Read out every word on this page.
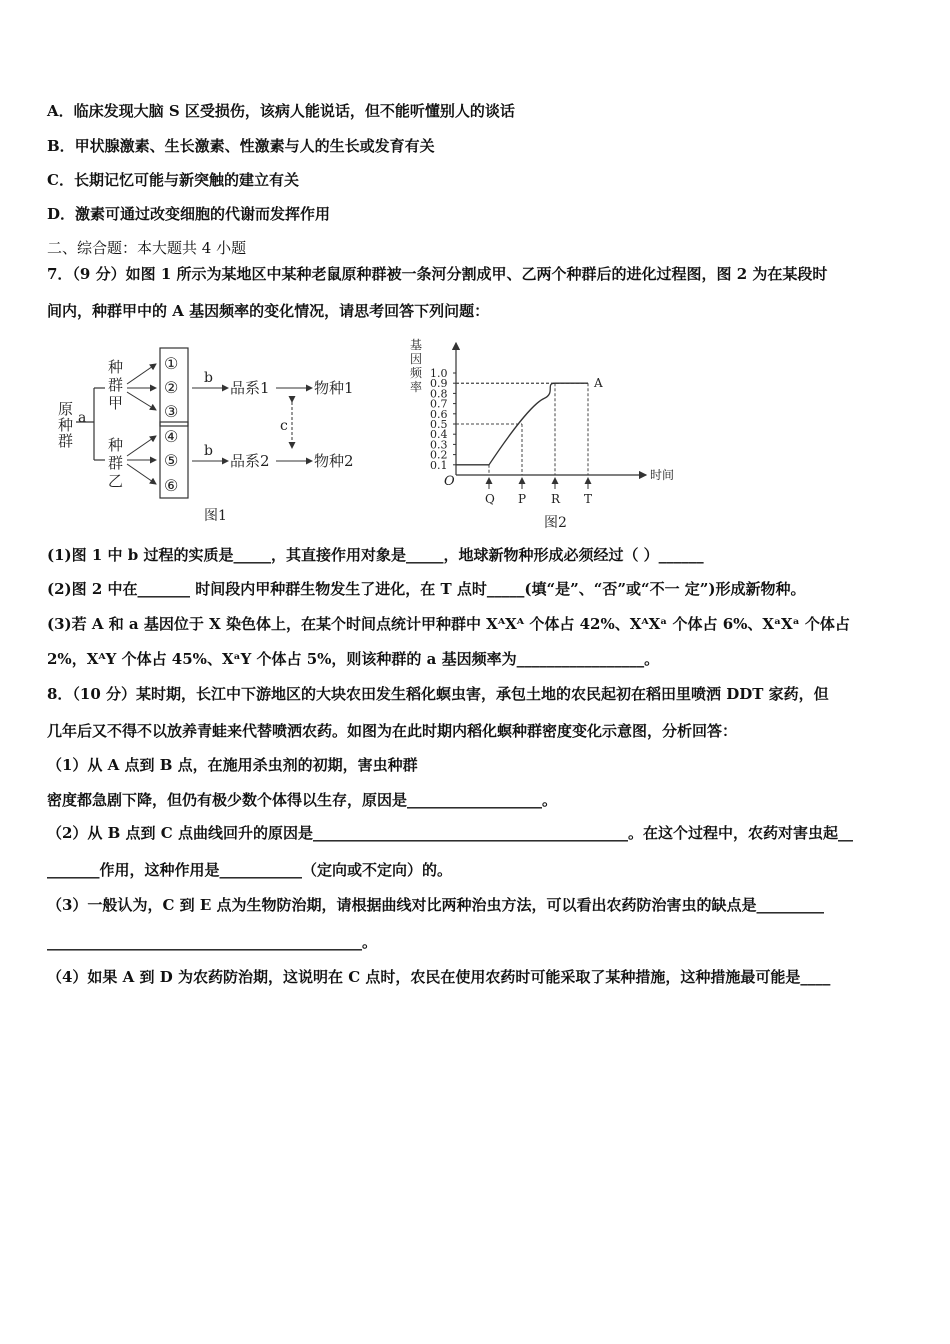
A．临床发现大脑 S 区受损伤，该病人能说话，但不能听懂别人的谈话
B．甲状腺激素、生长激素、性激素与人的生长或发育有关
C．长期记忆可能与新突触的建立有关
D．激素可通过改变细胞的代谢而发挥作用
二、综合题：本大题共 4 小题
7．（9 分）如图 1 所示为某地区中某种老鼠原种群被一条河分割成甲、乙两个种群后的进化过程图，图 2 为在某段时
间内，种群甲中的 A 基因频率的变化情况，请思考回答下列问题：
原
种
群
a
种
群
甲
种
群
乙
①
②
③
④
⑤
⑥
b
品系1	物种1
b
品系2	物种2
c
图1
基
因
频
率
时间
O
0.1
0.2
0.3
0.4
0.5
0.6
0.7
0.8
0.9
1.0
Q P R T
A
图2
(1)图 1 中 b 过程的实质是_____，其直接作用对象是_____，地球新物种形成必须经过（ ）______
(2)图 2 中在_______ 时间段内甲种群生物发生了进化，在 T 点时_____(填“是”、“否”或“不一 定”)形成新物种。
(3)若 A 和 a 基因位于 X 染色体上，在某个时间点统计甲种群中 XᴬXᴬ 个体占 42%、XᴬXᵃ 个体占 6%、XᵃXᵃ 个体占
2%，XᴬY 个体占 45%、XᵃY 个体占 5%，则该种群的 a 基因频率为_________________。
8．（10 分）某时期，长江中下游地区的大块农田发生稻化螟虫害，承包土地的农民起初在稻田里喷洒 DDT 家药，但
几年后又不得不以放养青蛙来代替喷洒农药。如图为在此时期内稻化螟种群密度变化示意图，分析回答：
（1）从 A 点到 B 点，在施用杀虫剂的初期，害虫种群
密度都急剧下降，但仍有极少数个体得以生存，原因是__________________。
（2）从 B 点到 C 点曲线回升的原因是__________________________________________。在这个过程中，农药对害虫起__
_______作用，这种作用是___________（定向或不定向）的。
（3）一般认为，C 到 E 点为生物防治期，请根据曲线对比两种治虫方法，可以看出农药防治害虫的缺点是_________
__________________________________________。
（4）如果 A 到 D 为农药防治期，这说明在 C 点时，农民在使用农药时可能采取了某种措施，这种措施最可能是____
